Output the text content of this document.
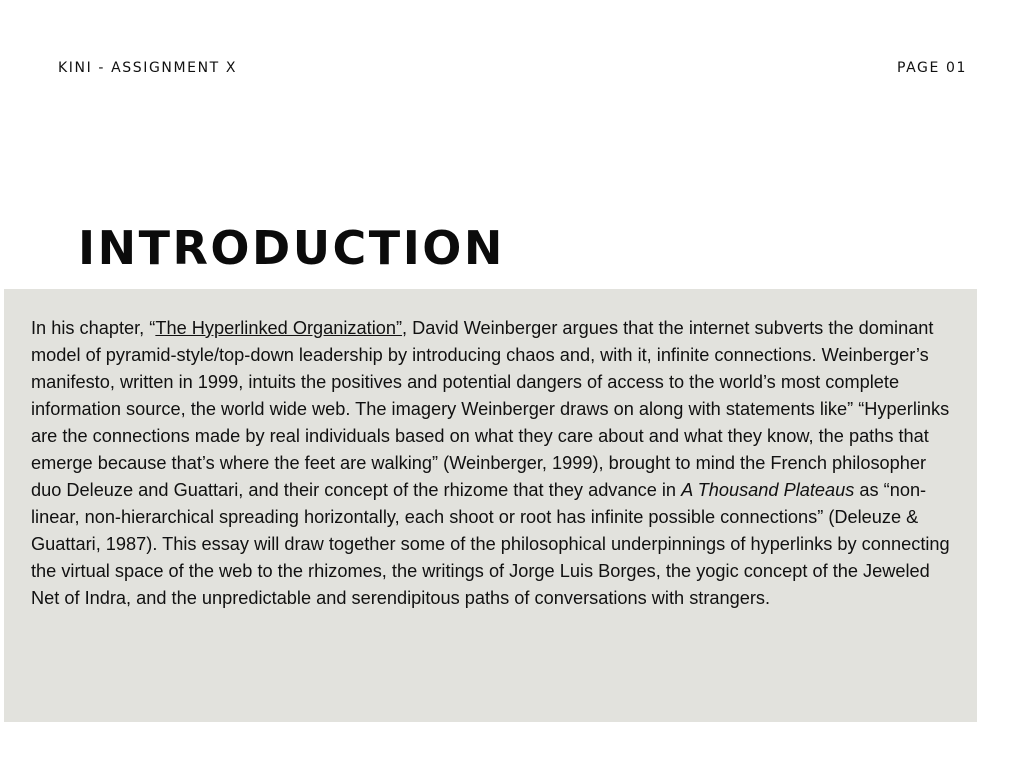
KINI - ASSIGNMENT X	PAGE 01
INTRODUCTION

In his chapter, “The Hyperlinked Organization”, David Weinberger argues that the internet subverts the dominant model of pyramid-style/top-down leadership by introducing chaos and, with it, infinite connections. Weinberger’s manifesto, written in 1999, intuits the positives and potential dangers of access to the world’s most complete information source, the world wide web. The imagery Weinberger draws on along with statements like” “Hyperlinks are the connections made by real individuals based on what they care about and what they know, the paths that emerge because that’s where the feet are walking” (Weinberger, 1999), brought to mind the French philosopher duo Deleuze and Guattari, and their concept of the rhizome that they advance in A Thousand Plateaus as “non-linear, non-hierarchical spreading horizontally, each shoot or root has infinite possible connections” (Deleuze & Guattari, 1987). This essay will draw together some of the philosophical underpinnings of hyperlinks by connecting the virtual space of the web to the rhizomes, the writings of Jorge Luis Borges, the yogic concept of the Jeweled Net of Indra, and the unpredictable and serendipitous paths of conversations with strangers.
